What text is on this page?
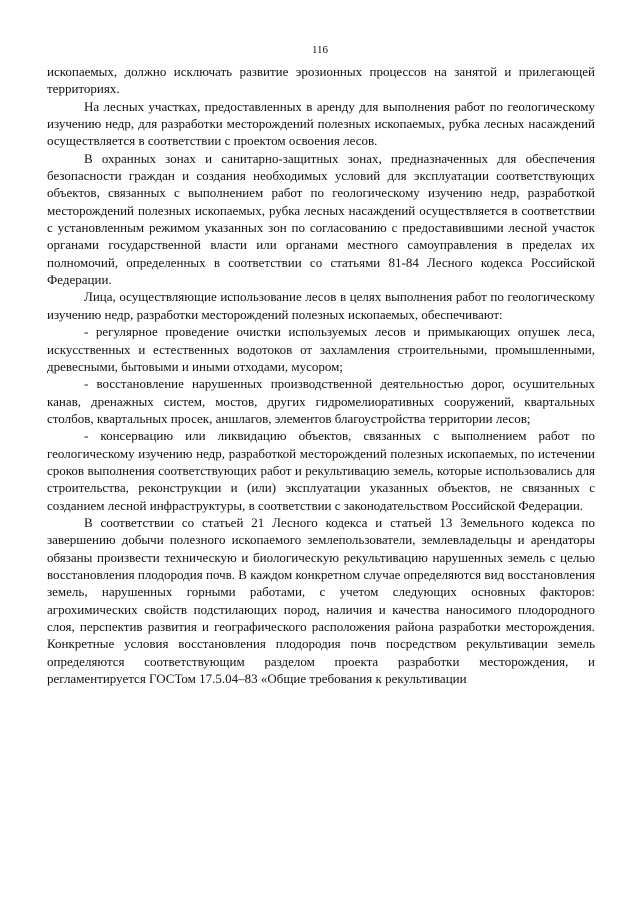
116

ископаемых, должно исключать развитие эрозионных процессов на занятой и прилегающей территориях.

На лесных участках, предоставленных в аренду для выполнения работ по геологическому изучению недр, для разработки месторождений полезных ископаемых, рубка лесных насаждений осуществляется в соответствии с проектом освоения лесов.

В охранных зонах и санитарно-защитных зонах, предназначенных для обеспечения безопасности граждан и создания необходимых условий для эксплуатации соответствующих объектов, связанных с выполнением работ по геологическому изучению недр, разработкой месторождений полезных ископаемых, рубка лесных насаждений осуществляется в соответствии с установленным режимом указанных зон по согласованию с предоставившими лесной участок органами государственной власти или органами местного самоуправления в пределах их полномочий, определенных в соответствии со статьями 81-84 Лесного кодекса Российской Федерации.

Лица, осуществляющие использование лесов в целях выполнения работ по геологическому изучению недр, разработки месторождений полезных ископаемых, обеспечивают:

- регулярное проведение очистки используемых лесов и примыкающих опушек леса, искусственных и естественных водотоков от захламления строительными, промышленными, древесными, бытовыми и иными отходами, мусором;

- восстановление нарушенных производственной деятельностью дорог, осушительных канав, дренажных систем, мостов, других гидромелиоративных сооружений, квартальных столбов, квартальных просек, аншлагов, элементов благоустройства территории лесов;

- консервацию или ликвидацию объектов, связанных с выполнением работ по геологическому изучению недр, разработкой месторождений полезных ископаемых, по истечении сроков выполнения соответствующих работ и рекультивацию земель, которые использовались для строительства, реконструкции и (или) эксплуатации указанных объектов, не связанных с созданием лесной инфраструктуры, в соответствии с законодательством Российской Федерации.

В соответствии со статьей 21 Лесного кодекса и статьей 13 Земельного кодекса по завершению добычи полезного ископаемого землепользователи, землевладельцы и арендаторы обязаны произвести техническую и биологическую рекультивацию нарушенных земель с целью восстановления плодородия почв. В каждом конкретном случае определяются вид восстановления земель, нарушенных горными работами, с учетом следующих основных факторов: агрохимических свойств подстилающих пород, наличия и качества наносимого плодородного слоя, перспектив развития и географического расположения района разработки месторождения. Конкретные условия восстановления плодородия почв посредством рекультивации земель определяются соответствующим разделом проекта разработки месторождения, и регламентируется ГОСТом 17.5.04–83 «Общие требования к рекультивации
